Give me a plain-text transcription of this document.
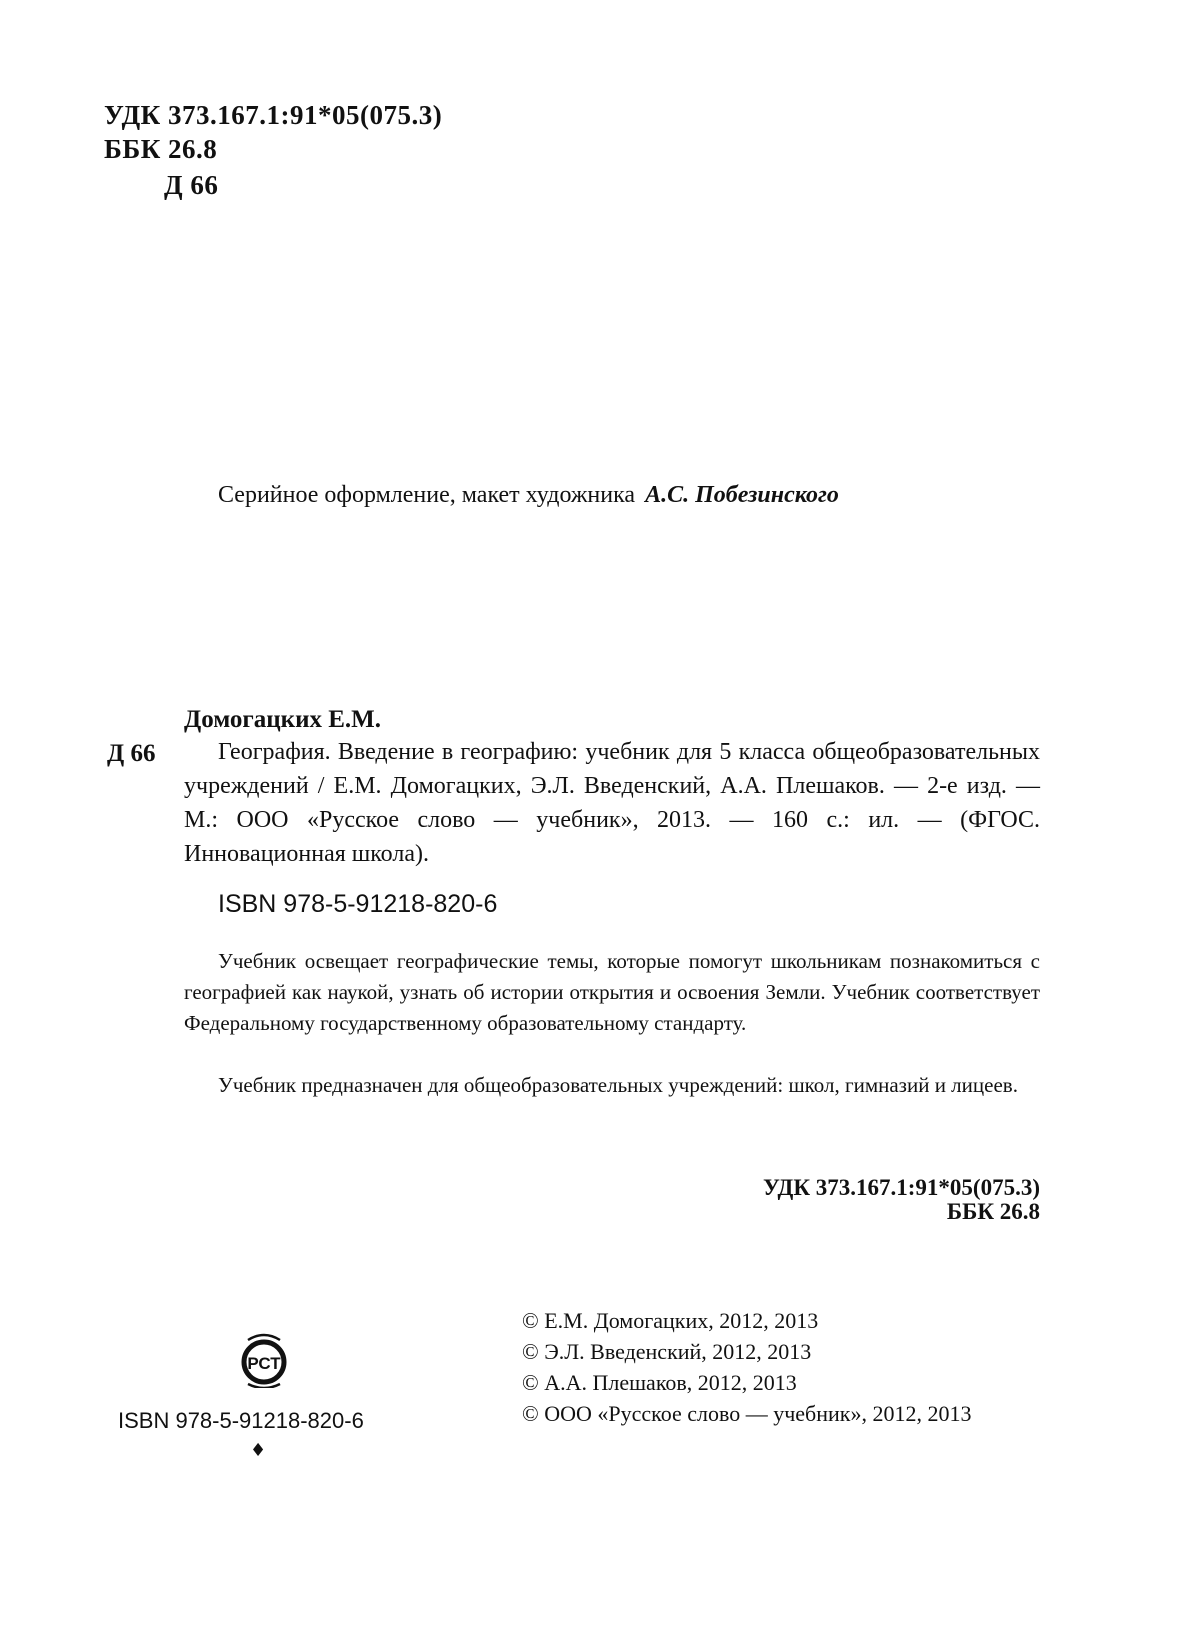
УДК 373.167.1:91*05(075.3)
ББК 26.8
Д 66
Серийное оформление, макет художника А.С. Побезинского
Домогацких Е.М.
Д 66	География. Введение в географию: учебник для 5 класса общеобразовательных учреждений / Е.М. Домогацких, Э.Л. Введенский, А.А. Плешаков. — 2-е изд. — М.: ООО «Русское слово — учебник», 2013. — 160 с.: ил. — (ФГОС. Инновационная школа).
ISBN 978-5-91218-820-6
Учебник освещает географические темы, которые помогут школьникам познакомиться с географией как наукой, узнать об истории открытия и освоения Земли. Учебник соответствует Федеральному государственному образовательному стандарту.
Учебник предназначен для общеобразовательных учреждений: школ, гимназий и лицеев.
УДК 373.167.1:91*05(075.3)
ББК 26.8
© Е.М. Домогацких, 2012, 2013
© Э.Л. Введенский, 2012, 2013
© А.А. Плешаков, 2012, 2013
© ООО «Русское слово — учебник», 2012, 2013
РСТ
ISBN 978-5-91218-820-6
♦
